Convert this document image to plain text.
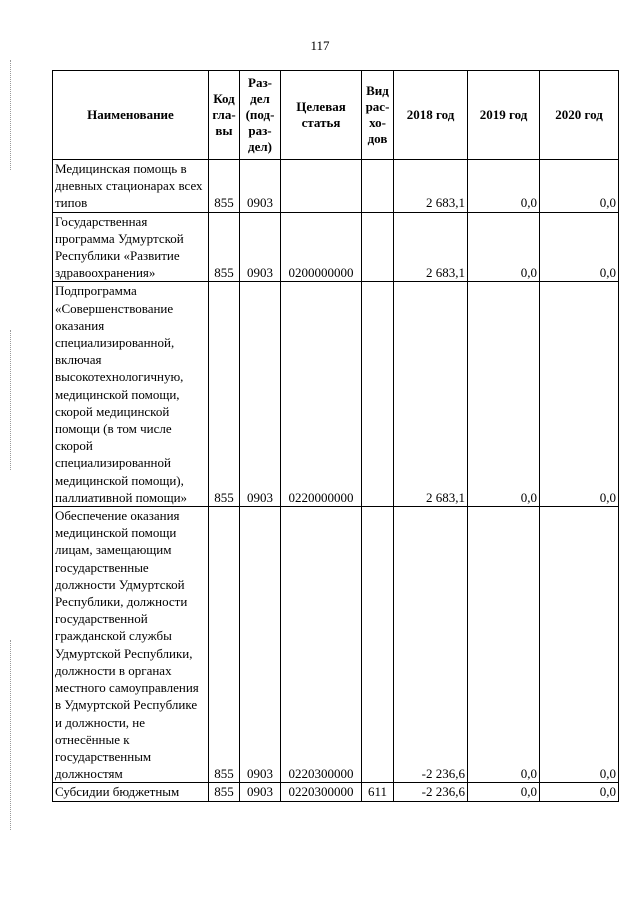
117
Наименование	Код гла- вы	Раз- дел (под- раз- дел)	Целевая статья	Вид рас- хо- дов	2018 год	2019 год	2020 год
Медицинская помощь в дневных стационарах всех типов	855	0903			2 683,1	0,0	0,0
Государственная программа Удмуртской Республики «Развитие здравоохранения»	855	0903	0200000000		2 683,1	0,0	0,0
Подпрограмма «Совершенствование оказания специализированной, включая высокотехнологичную, медицинской помощи, скорой медицинской помощи (в том числе скорой специализированной медицинской помощи), паллиативной помощи»	855	0903	0220000000		2 683,1	0,0	0,0
Обеспечение оказания медицинской помощи лицам, замещающим государственные должности Удмуртской Республики, должности государственной гражданской службы Удмуртской Республики, должности в органах местного самоуправления в Удмуртской Республике и должности, не отнесённые к государственным должностям	855	0903	0220300000		-2 236,6	0,0	0,0
Субсидии бюджетным	855	0903	0220300000	611	-2 236,6	0,0	0,0
